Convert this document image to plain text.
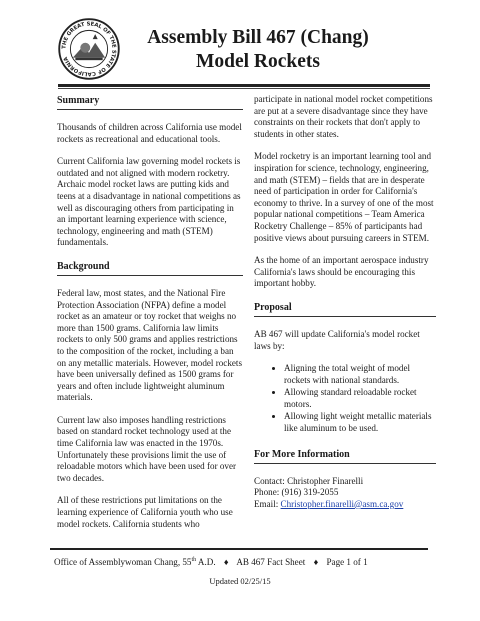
THE GREAT SEAL OF THE STATE OF CALIFORNIA
Assembly Bill 467 (Chang)
Model Rockets
Summary

Thousands of children across California use model rockets as recreational and educational tools.

Current California law governing model rockets is outdated and not aligned with modern rocketry. Archaic model rocket laws are putting kids and teens at a disadvantage in national competitions as well as discouraging others from participating in an important learning experience with science, technology, engineering and math (STEM) fundamentals.

Background

Federal law, most states, and the National Fire Protection Association (NFPA) define a model rocket as an amateur or toy rocket that weighs no more than 1500 grams. California law limits rockets to only 500 grams and applies restrictions to the composition of the rocket, including a ban on any metallic materials. However, model rockets have been universally defined as 1500 grams for years and often include lightweight aluminum materials.

Current law also imposes handling restrictions based on standard rocket technology used at the time California law was enacted in the 1970s. Unfortunately these provisions limit the use of reloadable motors which have been used for over two decades.

All of these restrictions put limitations on the learning experience of California youth who use model rockets. California students who

participate in national model rocket competitions are put at a severe disadvantage since they have constraints on their rockets that don't apply to students in other states.

Model rocketry is an important learning tool and inspiration for science, technology, engineering, and math (STEM) – fields that are in desperate need of participation in order for California's economy to thrive. In a survey of one of the most popular national competitions – Team America Rocketry Challenge – 85% of participants had positive views about pursuing careers in STEM.

As the home of an important aerospace industry California's laws should be encouraging this important hobby.

Proposal

AB 467 will update California's model rocket laws by:

• Aligning the total weight of model rockets with national standards.
• Allowing standard reloadable rocket motors.
• Allowing light weight metallic materials like aluminum to be used.
For More Information

Contact: Christopher Finarelli

Phone: (916) 319-2055

Email: Christopher.finarelli@asm.ca.gov

Office of Assemblywoman Chang, 55th A.D. ♦ AB 467 Fact Sheet ♦ Page 1 of 1
Updated 02/25/15
